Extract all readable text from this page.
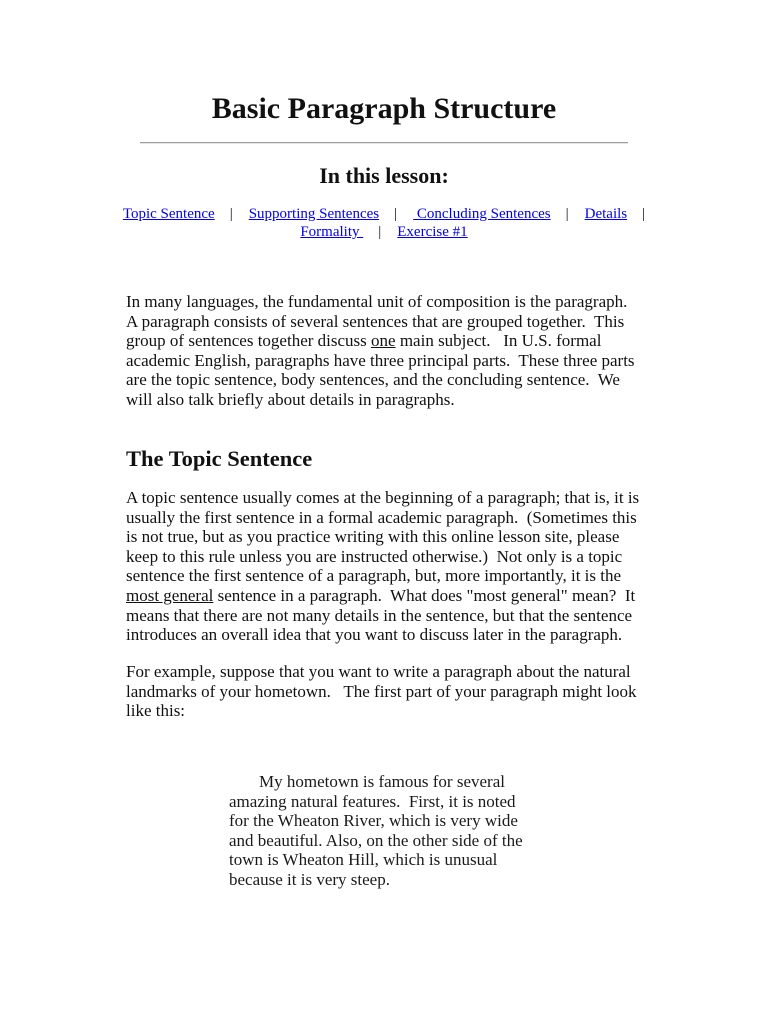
Basic Paragraph Structure
In this lesson:
Topic Sentence | Supporting Sentences | Concluding Sentences | Details |
Formality | Exercise #1
In many languages, the fundamental unit of composition is the paragraph.
A paragraph consists of several sentences that are grouped together.  This
group of sentences together discuss one main subject.   In U.S. formal
academic English, paragraphs have three principal parts.  These three parts
are the topic sentence, body sentences, and the concluding sentence.  We
will also talk briefly about details in paragraphs.
The Topic Sentence
A topic sentence usually comes at the beginning of a paragraph; that is, it is
usually the first sentence in a formal academic paragraph.  (Sometimes this
is not true, but as you practice writing with this online lesson site, please
keep to this rule unless you are instructed otherwise.)  Not only is a topic
sentence the first sentence of a paragraph, but, more importantly, it is the
most general sentence in a paragraph.  What does "most general" mean?  It
means that there are not many details in the sentence, but that the sentence
introduces an overall idea that you want to discuss later in the paragraph.
For example, suppose that you want to write a paragraph about the natural
landmarks of your hometown.   The first part of your paragraph might look
like this:
My hometown is famous for several
amazing natural features.  First, it is noted
for the Wheaton River, which is very wide
and beautiful. Also, on the other side of the
town is Wheaton Hill, which is unusual
because it is very steep.
